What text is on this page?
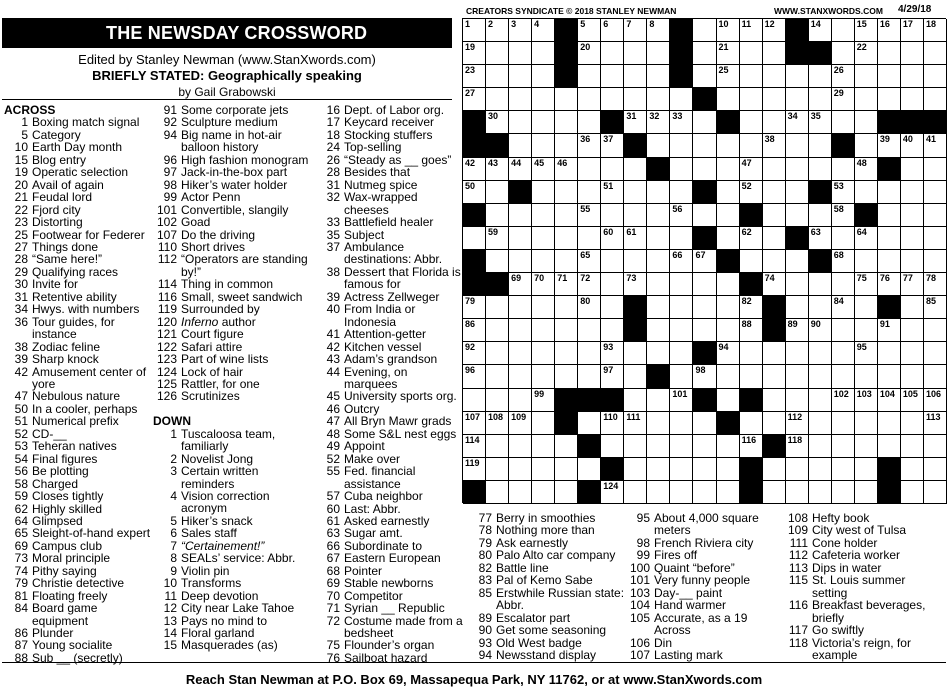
THE NEWSDAY CROSSWORD
Edited by Stanley Newman (www.StanXwords.com)
BRIEFLY STATED: Geographically speaking
by Gail Grabowski
CREATORS SYNDICATE © 2018 STANLEY NEWMAN	WWW.STANXWORDS.COM 4/29/18
1 2 3 4	5 6 7 8	10 11 12	14	15 16 17 18
19	20	21	22
23	25	26
27	29
30	31 32 33	34 35
36 37	38	39 40 41
42 43 44 45 46	47	48
50	51	52	53
55	56	58
59	60 61	62	63	64
65	66 67	68
69 70 71 72	73	74	75 76 77 78
79	80	82	84	85
86	88	89 90	91
92	93	94	95
96	97	98
99	101	102 103 104 105 106
107 108 109	110 111	112	113
114	116	118
119
124
ACROSS
1 Boxing match signal
5 Category
10 Earth Day month
15 Blog entry
19 Operatic selection
20 Avail of again
21 Feudal lord
22 Fjord city
23 Distorting
25 Footwear for Federer
27 Things done
28 “Same here!”
29 Qualifying races
30 Invite for
31 Retentive ability
34 Hwys. with numbers
36 Tour guides, for instance
38 Zodiac feline
39 Sharp knock
42 Amusement center of yore
47 Nebulous nature
50 In a cooler, perhaps
51 Numerical prefix
52 CD-__
53 Teheran natives
54 Final figures
56 Be plotting
58 Charged
59 Closes tightly
62 Highly skilled
64 Glimpsed
65 Sleight-of-hand expert
69 Campus club
73 Moral principle
74 Pithy saying
79 Christie detective
81 Floating freely
84 Board game equipment
86 Plunder
87 Young socialite
88 Sub __ (secretly)
91 Some corporate jets
92 Sculpture medium
94 Big name in hot-air balloon history
96 High fashion monogram
97 Jack-in-the-box part
98 Hiker’s water holder
99 Actor Penn
101 Convertible, slangily
102 Goad
107 Do the driving
110 Short drives
112 “Operators are standing by!”
114 Thing in common
116 Small, sweet sandwich
119 Surrounded by
120 Inferno author
121 Court figure
122 Safari attire
123 Part of wine lists
124 Lock of hair
125 Rattler, for one
126 Scrutinizes
DOWN
1 Tuscaloosa team, familiarly
2 Novelist Jong
3 Certain written reminders
4 Vision correction acronym
5 Hiker’s snack
6 Sales staff
7 “Certainement!”
8 SEALs’ service: Abbr.
9 Violin pin
10 Transforms
11 Deep devotion
12 City near Lake Tahoe
13 Pays no mind to
14 Floral garland
15 Masquerades (as)
16 Dept. of Labor org.
17 Keycard receiver
18 Stocking stuffers
24 Top-selling
26 “Steady as __ goes”
28 Besides that
31 Nutmeg spice
32 Wax-wrapped cheeses
33 Battlefield healer
35 Subject
37 Ambulance destinations: Abbr.
38 Dessert that Florida is famous for
39 Actress Zellweger
40 From India or Indonesia
41 Attention-getter
42 Kitchen vessel
43 Adam’s grandson
44 Evening, on marquees
45 University sports org.
46 Outcry
47 All Bryn Mawr grads
48 Some S&L nest eggs
49 Appoint
52 Make over
55 Fed. financial assistance
57 Cuba neighbor
60 Last: Abbr.
61 Asked earnestly
63 Sugar amt.
66 Subordinate to
67 Eastern European
68 Pointer
69 Stable newborns
70 Competitor
71 Syrian __ Republic
72 Costume made from a bedsheet
75 Flounder’s organ
76 Sailboat hazard
77 Berry in smoothies
78 Nothing more than
79 Ask earnestly
80 Palo Alto car company
82 Battle line
83 Pal of Kemo Sabe
85 Erstwhile Russian state: Abbr.
89 Escalator part
90 Get some seasoning
93 Old West badge
94 Newsstand display
95 About 4,000 square meters
98 French Riviera city
99 Fires off
100 Quaint “before”
101 Very funny people
103 Day-__ paint
104 Hand warmer
105 Accurate, as a 19 Across
106 Din
107 Lasting mark
108 Hefty book
109 City west of Tulsa
111 Cone holder
112 Cafeteria worker
113 Dips in water
115 St. Louis summer setting
116 Breakfast beverages, briefly
117 Go swiftly
118 Victoria’s reign, for example
Reach Stan Newman at P.O. Box 69, Massapequa Park, NY 11762, or at www.StanXwords.com
